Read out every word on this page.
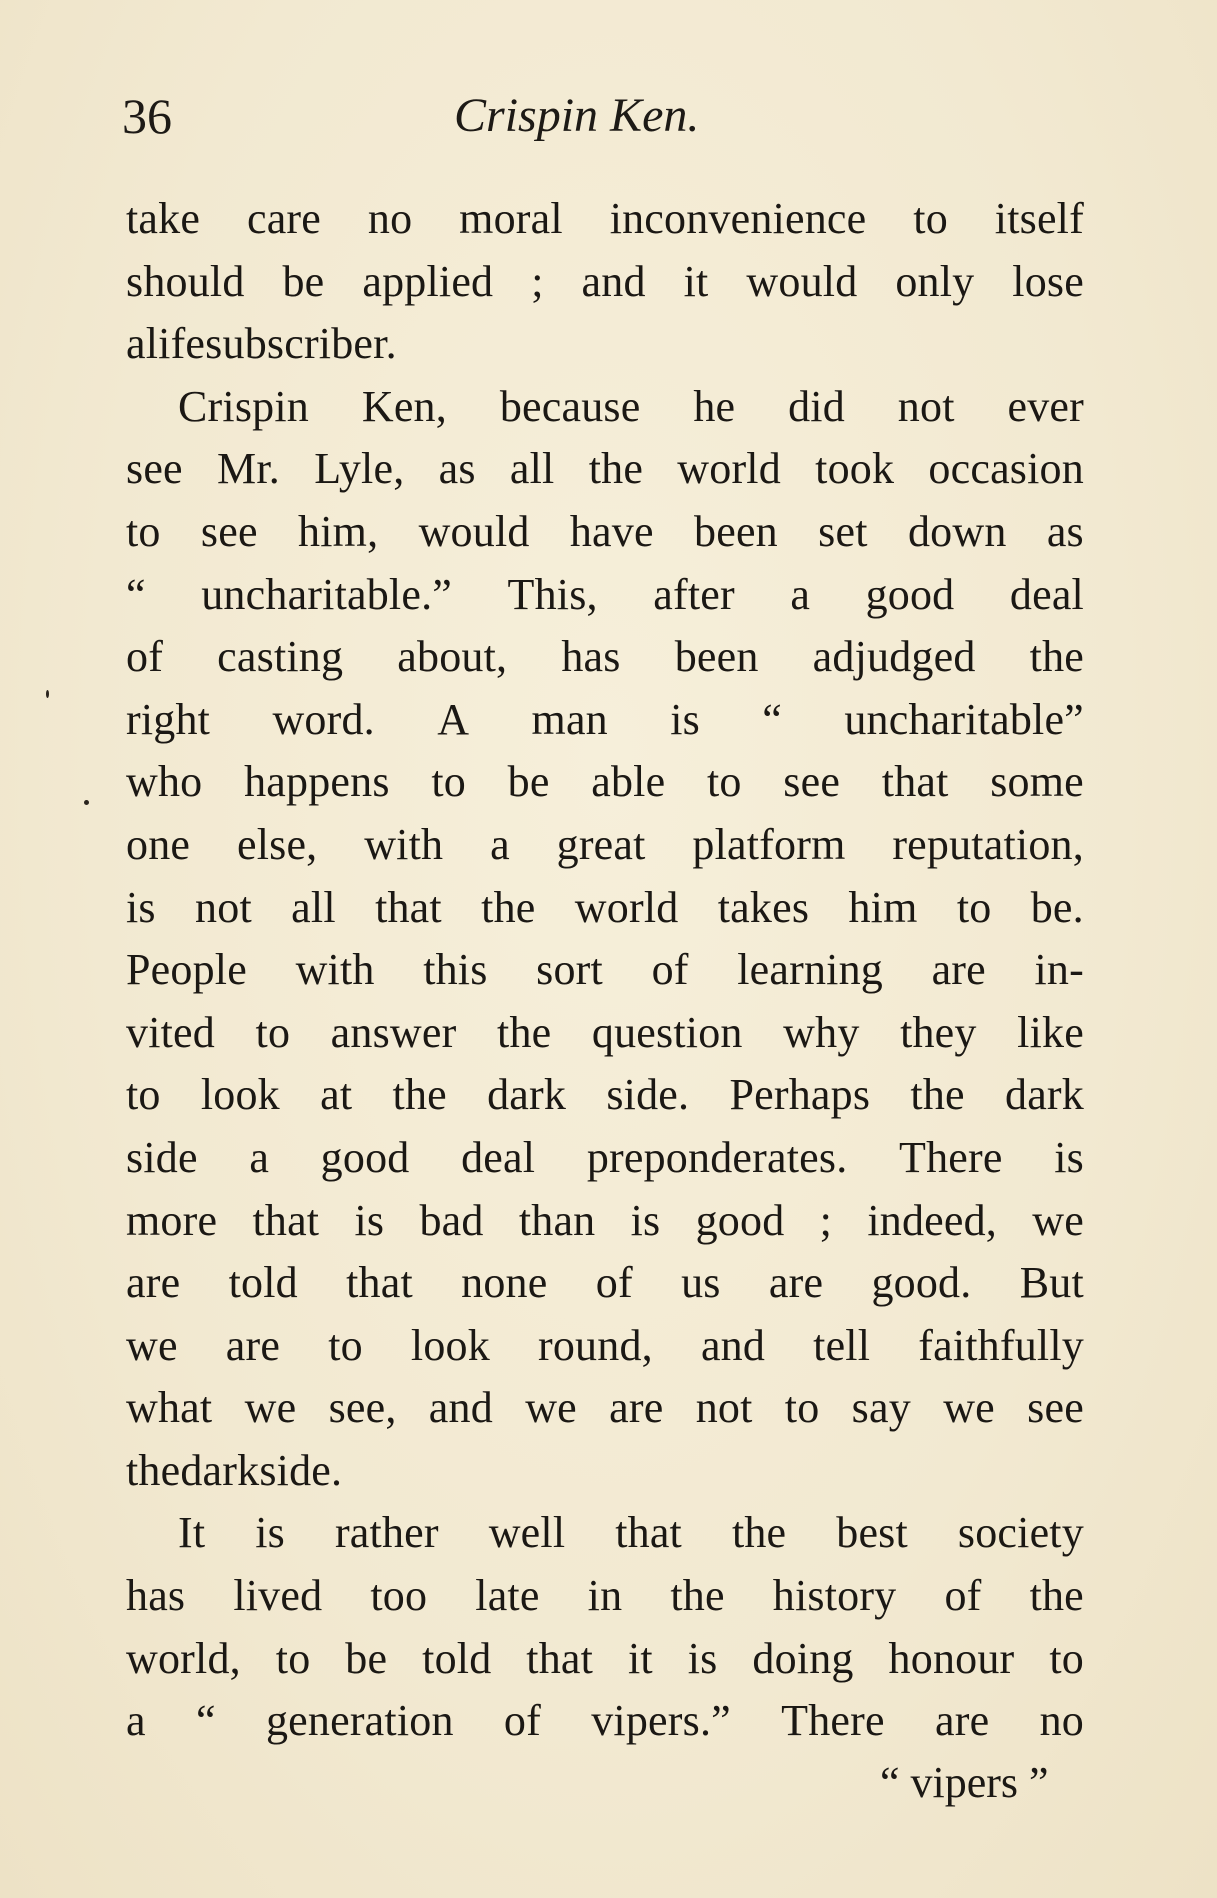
36	Crispin Ken.
take care no moral inconvenience to itself
should be applied ; and it would only lose
a life subscriber.
Crispin Ken, because he did not ever
see Mr. Lyle, as all the world took occasion
to see him, would have been set down as
“ uncharitable.” This, after a good deal
of casting about, has been adjudged the
right word. A man is “ uncharitable”
who happens to be able to see that some
one else, with a great platform reputation,
is not all that the world takes him to be.
People with this sort of learning are in-
vited to answer the question why they like
to look at the dark side. Perhaps the dark
side a good deal preponderates. There is
more that is bad than is good ; indeed, we
are told that none of us are good. But
we are to look round, and tell faithfully
what we see, and we are not to say we see
the dark side.
It is rather well that the best society
has lived too late in the history of the
world, to be told that it is doing honour to
a “ generation of vipers.” There are no
“ vipers ”
